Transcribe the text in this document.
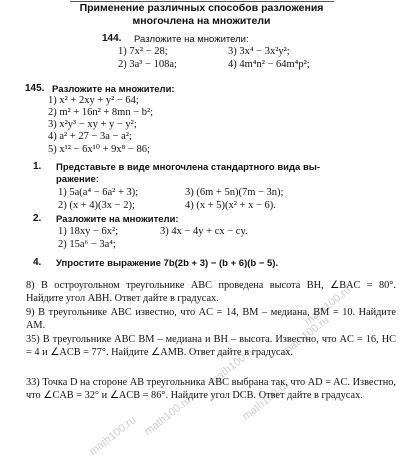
math100.ru
math100.ru
math100.ru
math100.ru
math100.ru
math100.ru
Применение различных способов разложения
многочлена на множители
144. Разложите на множители:
1) 7x² − 28;	3) 3x⁴ − 3x²y²;
2) 3a³ − 108a;	4) 4m⁴n² − 64m⁴p²;
145. Разложите на множители:
1) x² + 2xy + y² − 64;
2) m² + 16n² + 8mn − b²;
3) x²y³ − xy + y − y²;
4) a² + 27 − 3a − a²;
5) x¹² − 6x¹⁰ + 9x⁸ − 86;
1. Представьте в виде многочлена стандартного вида вы-
ражение:
1) 5a(a⁴ − 6a² + 3);	3) (6m + 5n)(7m − 3n);
2) (x + 4)(3x − 2);	4) (x + 5)(x² + x − 6).
2. Разложите на множители:
1) 18xy − 6x²;	3) 4x − 4y + cx − cy.
2) 15a⁶ − 3a⁴;
4. Упростите выражение 7b(2b + 3) − (b + 6)(b − 5).
8) В остроугольном треугольнике ABC проведена высота BH, ∠BAC = 80°. Найдите угол ABH. Ответ дайте в градусах.
9) В треугольнике ABC известно, что AC = 14, BM – медиана, BM = 10. Найдите AM.
35) В треугольнике ABC BM – медиана и BH – высота. Известно, что AC = 16, HC = 4 и ∠ACB = 77°. Найдите ∠AMB. Ответ дайте в градусах.
33) Точка D на стороне AB треугольника ABC выбрана так, что AD = AC. Известно, что ∠CAB = 32° и ∠ACB = 86°. Найдите угол DCB. Ответ дайте в градусах.
